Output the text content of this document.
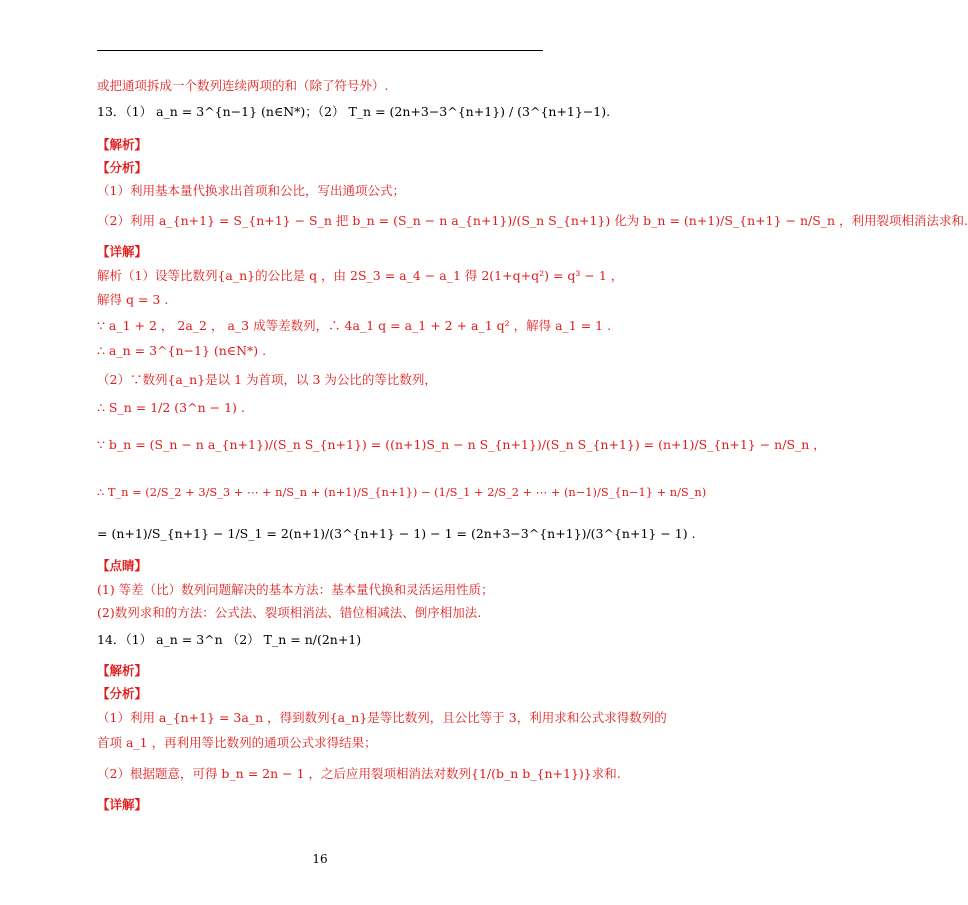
或把通项拆成一个数列连续两项的和（除了符号外）.
13．（1） a_n = 3^{n−1} (n∈N*)；（2） T_n = (2n+3−3^{n+1}) / (3^{n+1}−1).
【解析】
【分析】
（1）利用基本量代换求出首项和公比，写出通项公式；
（2）利用 a_{n+1} = S_{n+1} − S_n 把 b_n = (S_n − n a_{n+1})/(S_n S_{n+1}) 化为 b_n = (n+1)/S_{n+1} − n/S_n ，利用裂项相消法求和.
【详解】
解析（1）设等比数列{a_n}的公比是 q ，由 2S_3 = a_4 − a_1 得 2(1+q+q²) = q³ − 1 ，
解得 q = 3 .
∵ a_1 + 2 ， 2a_2 ， a_3 成等差数列，∴ 4a_1 q = a_1 + 2 + a_1 q² ，解得 a_1 = 1 .
∴ a_n = 3^{n−1} (n∈N*) .
（2）∵数列{a_n}是以 1 为首项，以 3 为公比的等比数列，
∴ S_n = 1/2 (3^n − 1) .
∵ b_n = (S_n − n a_{n+1})/(S_n S_{n+1}) = ((n+1)S_n − n S_{n+1})/(S_n S_{n+1}) = (n+1)/S_{n+1} − n/S_n ，
∴ T_n = (2/S_2 + 3/S_3 + ⋯ + n/S_n + (n+1)/S_{n+1}) − (1/S_1 + 2/S_2 + ⋯ + (n−1)/S_{n−1} + n/S_n)
= (n+1)/S_{n+1} − 1/S_1 = 2(n+1)/(3^{n+1} − 1) − 1 = (2n+3−3^{n+1})/(3^{n+1} − 1) .
【点睛】
(1) 等差（比）数列问题解决的基本方法：基本量代换和灵活运用性质；
(2)数列求和的方法：公式法、裂项相消法、错位相减法、倒序相加法.
14．（1） a_n = 3^n （2） T_n = n/(2n+1)
【解析】
【分析】
（1）利用 a_{n+1} = 3a_n ，得到数列{a_n}是等比数列，且公比等于 3，利用求和公式求得数列的
首项 a_1 ，再利用等比数列的通项公式求得结果；
（2）根据题意，可得 b_n = 2n − 1 ，之后应用裂项相消法对数列{1/(b_n b_{n+1})}求和.
【详解】
16
